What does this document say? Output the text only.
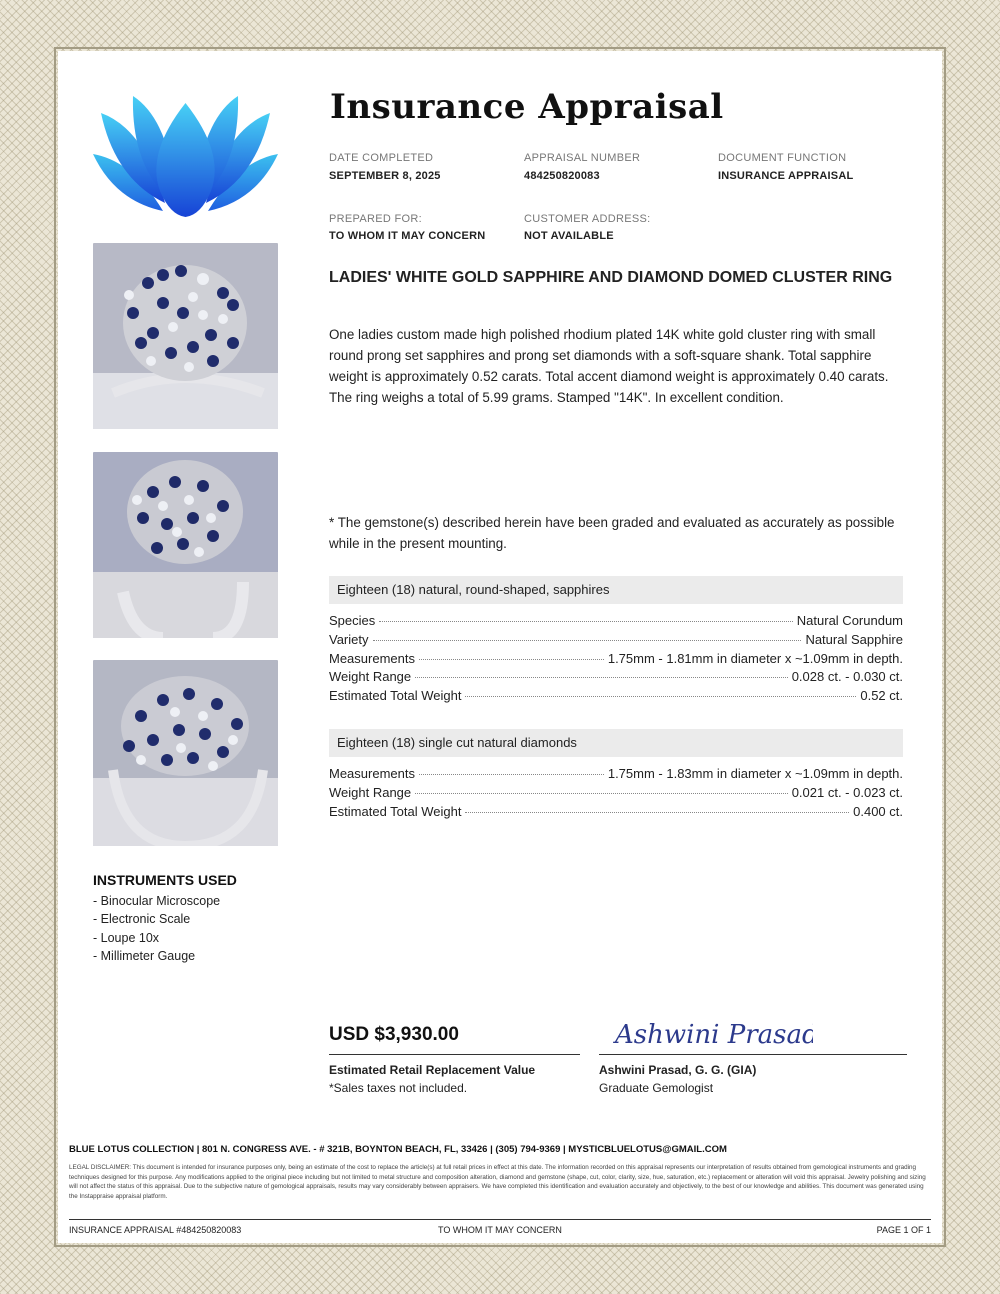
Insurance Appraisal
DATE COMPLETED
SEPTEMBER 8, 2025
APPRAISAL NUMBER
484250820083
DOCUMENT FUNCTION
INSURANCE APPRAISAL
PREPARED FOR:
TO WHOM IT MAY CONCERN
CUSTOMER ADDRESS:
NOT AVAILABLE
LADIES' WHITE GOLD SAPPHIRE AND DIAMOND DOMED CLUSTER RING
One ladies custom made high polished rhodium plated 14K white gold cluster ring with small round prong set sapphires and prong set diamonds with a soft-square shank. Total sapphire weight is approximately 0.52 carats. Total accent diamond weight is approximately 0.40 carats. The ring weighs a total of 5.99 grams. Stamped "14K". In excellent condition.
* The gemstone(s) described herein have been graded and evaluated as accurately as possible while in the present mounting.
Eighteen (18) natural, round-shaped, sapphires
Species	Natural Corundum
Variety	Natural Sapphire
Measurements	1.75mm - 1.81mm in diameter x ~1.09mm in depth.
Weight Range	0.028 ct. - 0.030 ct.
Estimated Total Weight	0.52 ct.
Eighteen (18) single cut natural diamonds
Measurements	1.75mm - 1.83mm in diameter x ~1.09mm in depth.
Weight Range	0.021 ct. - 0.023 ct.
Estimated Total Weight	0.400 ct.
INSTRUMENTS USED
- Binocular Microscope
- Electronic Scale
- Loupe 10x
- Millimeter Gauge
USD $3,930.00
Estimated Retail Replacement Value
*Sales taxes not included.
Ashwini Prasad
Ashwini Prasad, G. G. (GIA)
Graduate Gemologist
BLUE LOTUS COLLECTION | 801 N. CONGRESS AVE. - # 321B, BOYNTON BEACH, FL, 33426 | (305) 794-9369 | MYSTICBLUELOTUS@GMAIL.COM
LEGAL DISCLAIMER: This document is intended for insurance purposes only, being an estimate of the cost to replace the article(s) at full retail prices in effect at this date. The information recorded on this appraisal represents our interpretation of results obtained from gemological instruments and grading techniques designed for this purpose. Any modifications applied to the original piece including but not limited to metal structure and composition alteration, diamond and gemstone (shape, cut, color, clarity, size, hue, saturation, etc.) replacement or alteration will void this appraisal. Jewelry polishing and sizing will not affect the status of this appraisal. Due to the subjective nature of gemological appraisals, results may vary considerably between appraisers. We have completed this identification and evaluation accurately and objectively, to the best of our knowledge and abilities. This document was generated using the Instappraise appraisal platform.
INSURANCE APPRAISAL #484250820083	TO WHOM IT MAY CONCERN	PAGE 1 OF 1
